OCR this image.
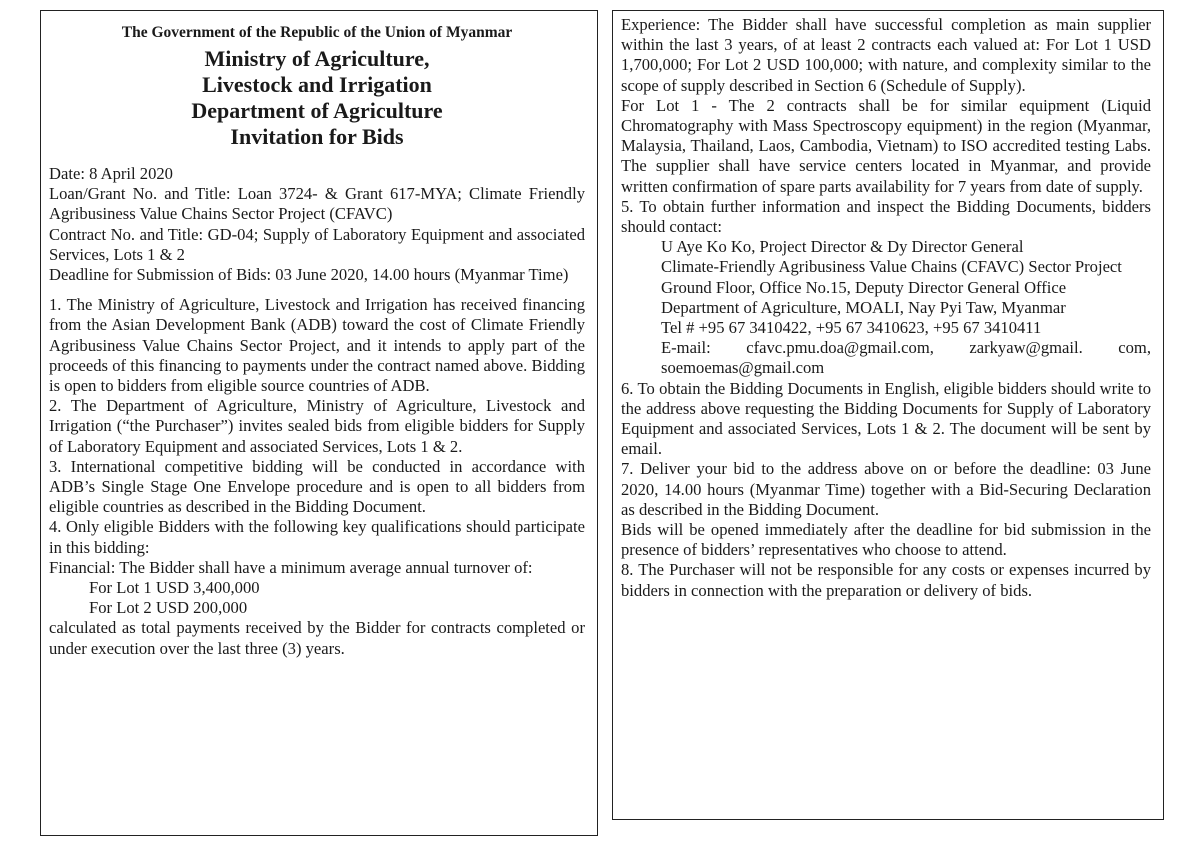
The Government of the Republic of the Union of Myanmar
Ministry of Agriculture,
Livestock and Irrigation
Department of Agriculture
Invitation for Bids

Date: 8 April 2020

Loan/Grant No. and Title: Loan 3724- & Grant 617-MYA; Climate Friendly Agribusiness Value Chains Sector Project (CFAVC)

Contract No. and Title: GD-04; Supply of Laboratory Equipment and associated Services, Lots 1 & 2

Deadline for Submission of Bids: 03 June 2020, 14.00 hours (Myanmar Time)

1. The Ministry of Agriculture, Livestock and Irrigation has received financing from the Asian Development Bank (ADB) toward the cost of Climate Friendly Agribusiness Value Chains Sector Project, and it intends to apply part of the proceeds of this financing to payments under the contract named above. Bidding is open to bidders from eligible source countries of ADB.

2. The Department of Agriculture, Ministry of Agriculture, Livestock and Irrigation (“the Purchaser”) invites sealed bids from eligible bidders for Supply of Laboratory Equipment and associated Services, Lots 1 & 2.

3. International competitive bidding will be conducted in accordance with ADB’s Single Stage One Envelope procedure and is open to all bidders from eligible countries as described in the Bidding Document.

4. Only eligible Bidders with the following key qualifications should participate in this bidding:

Financial: The Bidder shall have a minimum average annual turnover of:

For Lot 1 USD 3,400,000

For Lot 2 USD 200,000

calculated as total payments received by the Bidder for contracts completed or under execution over the last three (3) years.

Experience: The Bidder shall have successful completion as main supplier within the last 3 years, of at least 2 contracts each valued at: For Lot 1 USD 1,700,000; For Lot 2 USD 100,000; with nature, and complexity similar to the scope of supply described in Section 6 (Schedule of Supply).

For Lot 1 - The 2 contracts shall be for similar equipment (Liquid Chromatography with Mass Spectroscopy equipment) in the region (Myanmar, Malaysia, Thailand, Laos, Cambodia, Vietnam) to ISO accredited testing Labs. The supplier shall have service centers located in Myanmar, and provide written confirmation of spare parts availability for 7 years from date of supply.

5. To obtain further information and inspect the Bidding Documents, bidders should contact:

U Aye Ko Ko, Project Director & Dy Director General

Climate-Friendly Agribusiness Value Chains (CFAVC) Sector Project

Ground Floor, Office No.15, Deputy Director General Office

Department of Agriculture, MOALI, Nay Pyi Taw, Myanmar

Tel # +95 67 3410422, +95 67 3410623, +95 67 3410411

E-mail: cfavc.pmu.doa@gmail.com, zarkyaw@gmail. com, soemoemas@gmail.com

6. To obtain the Bidding Documents in English, eligible bidders should write to the address above requesting the Bidding Documents for Supply of Laboratory Equipment and associated Services, Lots 1 & 2. The document will be sent by email.

7. Deliver your bid to the address above on or before the deadline: 03 June 2020, 14.00 hours (Myanmar Time) together with a Bid-Securing Declaration as described in the Bidding Document.

Bids will be opened immediately after the deadline for bid submission in the presence of bidders’ representatives who choose to attend.

8. The Purchaser will not be responsible for any costs or expenses incurred by bidders in connection with the preparation or delivery of bids.
